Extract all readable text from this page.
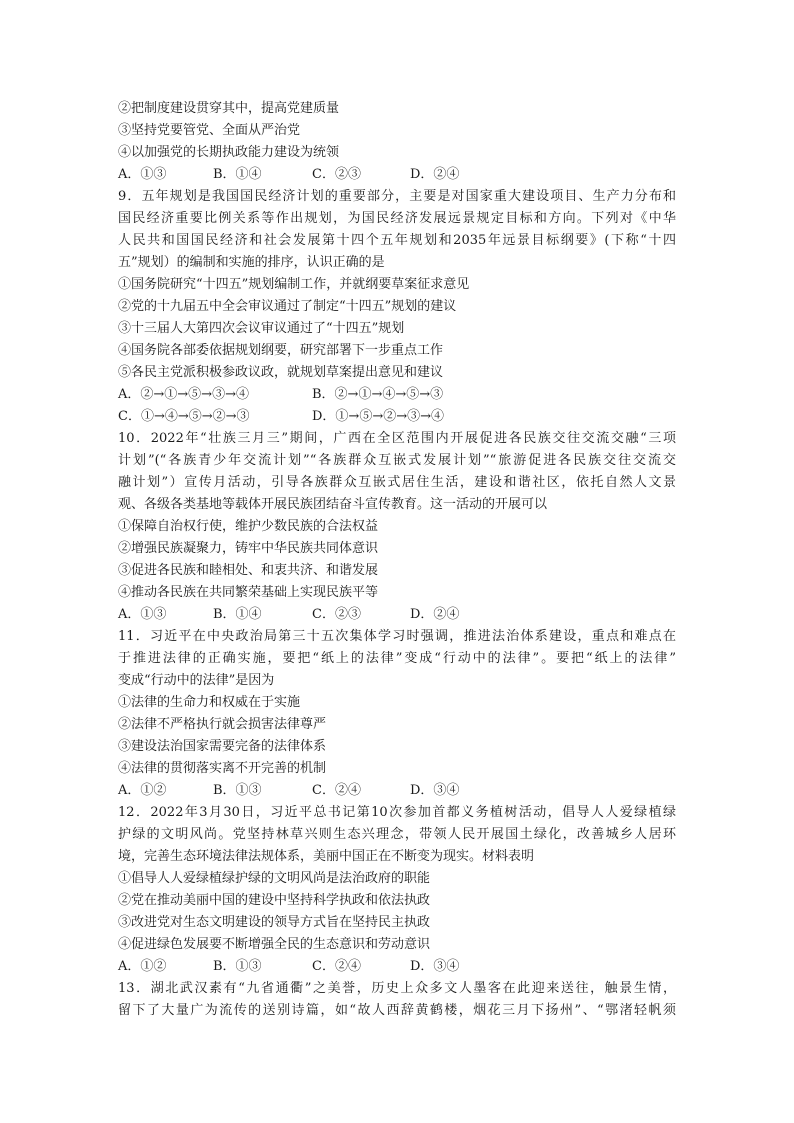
②把制度建设贯穿其中，提高党建质量
③坚持党要管党、全面从严治党
④以加强党的长期执政能力建设为统领
A．①③	B．①④	C．②③	D．②④
9．五年规划是我国国民经济计划的重要部分，主要是对国家重大建设项目、生产力分布和
国民经济重要比例关系等作出规划，为国民经济发展远景规定目标和方向。下列对《中华
人民共和国国民经济和社会发展第十四个五年规划和2035年远景目标纲要》(下称“十四
五”规划）的编制和实施的排序，认识正确的是
①国务院研究“十四五”规划编制工作，并就纲要草案征求意见
②党的十九届五中全会审议通过了制定“十四五”规划的建议
③十三届人大第四次会议审议通过了“十四五”规划
④国务院各部委依据规划纲要，研究部署下一步重点工作
⑤各民主党派积极参政议政，就规划草案提出意见和建议
A．②→①→⑤→③→④	B．②→①→④→⑤→③
C．①→④→⑤→②→③	D．①→⑤→②→③→④
10．2022年“壮族三月三”期间，广西在全区范围内开展促进各民族交往交流交融“三项
计划”(“各族青少年交流计划”“各族群众互嵌式发展计划”“旅游促进各民族交往交流交
融计划”）宣传月活动，引导各族群众互嵌式居住生活，建设和谐社区，依托自然人文景
观、各级各类基地等载体开展民族团结奋斗宣传教育。这一活动的开展可以
①保障自治权行使，维护少数民族的合法权益
②增强民族凝聚力，铸牢中华民族共同体意识
③促进各民族和睦相处、和衷共济、和谐发展
④推动各民族在共同繁荣基础上实现民族平等
A．①③	B．①④	C．②③	D．②④
11．习近平在中央政治局第三十五次集体学习时强调，推进法治体系建设，重点和难点在
于推进法律的正确实施，要把“纸上的法律”变成“行动中的法律”。要把“纸上的法律”
变成“行动中的法律”是因为
①法律的生命力和权威在于实施
②法律不严格执行就会损害法律尊严
③建设法治国家需要完备的法律体系
④法律的贯彻落实离不开完善的机制
A．①②	B．①③	C．②④	D．③④
12．2022年3月30日，习近平总书记第10次参加首都义务植树活动，倡导人人爱绿植绿
护绿的文明风尚。党坚持林草兴则生态兴理念，带领人民开展国土绿化，改善城乡人居环
境，完善生态环境法律法规体系，美丽中国正在不断变为现实。材料表明
①倡导人人爱绿植绿护绿的文明风尚是法治政府的职能
②党在推动美丽中国的建设中坚持科学执政和依法执政
③改进党对生态文明建设的领导方式旨在坚持民主执政
④促进绿色发展要不断增强全民的生态意识和劳动意识
A．①②	B．①③	C．②④	D．③④
13．湖北武汉素有“九省通衢”之美誉，历史上众多文人墨客在此迎来送往，触景生情，
留下了大量广为流传的送别诗篇，如“故人西辞黄鹤楼，烟花三月下扬州”、“鄂渚轻帆须
